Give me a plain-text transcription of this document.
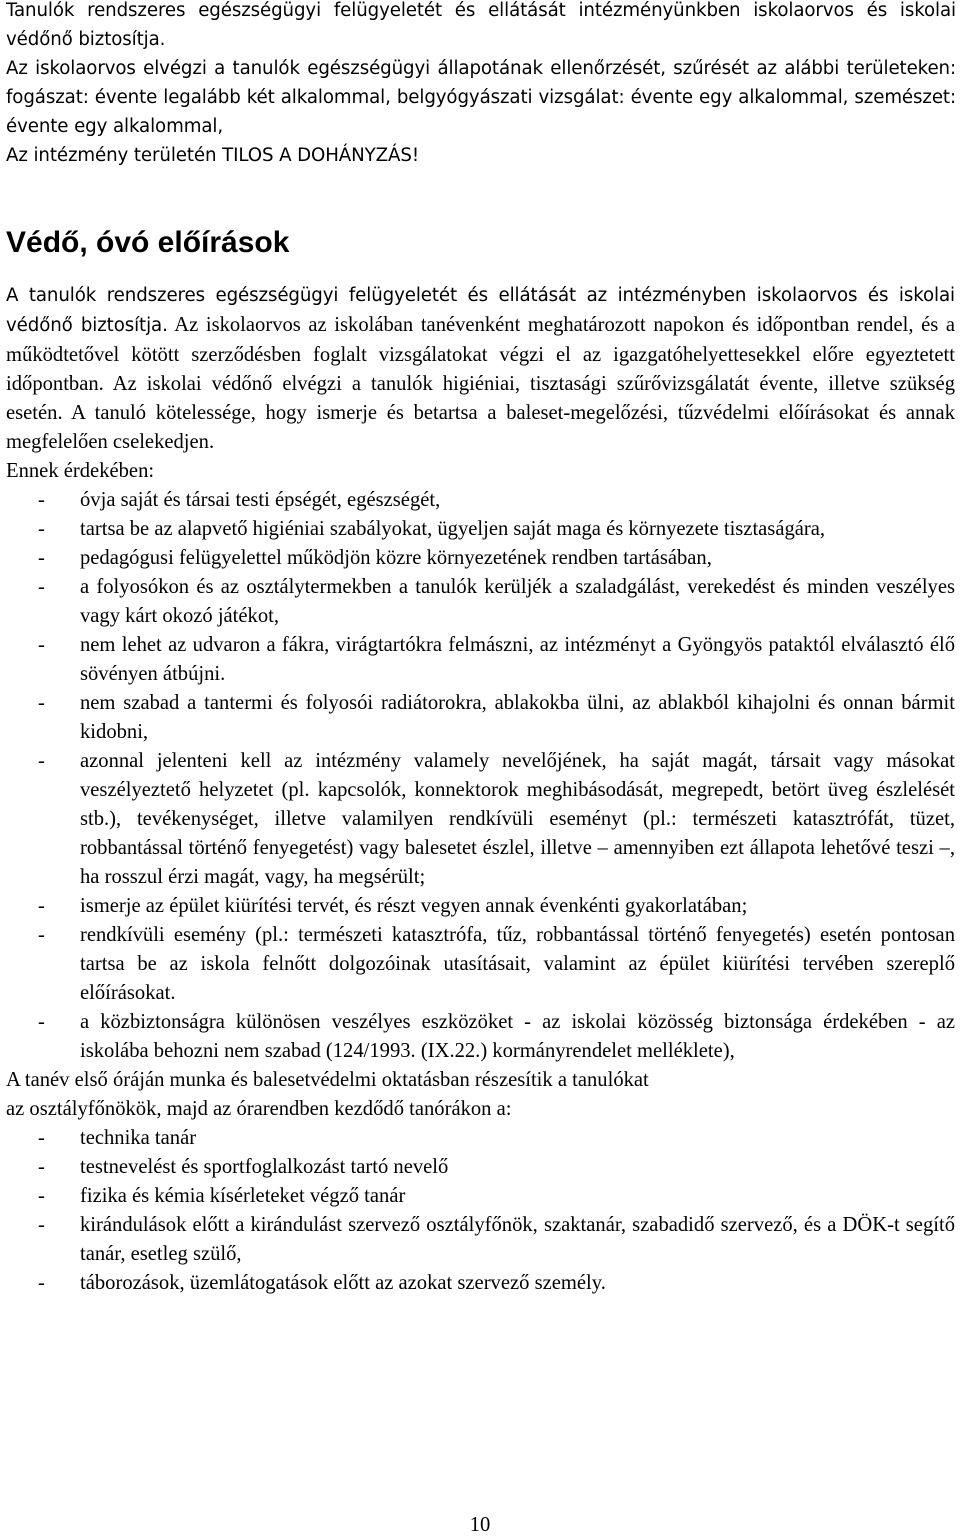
Tanulók rendszeres egészségügyi felügyeletét és ellátását intézményünkben iskolaorvos és iskolai védőnő biztosítja.

Az iskolaorvos elvégzi a tanulók egészségügyi állapotának ellenőrzését, szűrését az alábbi területeken: fogászat: évente legalább két alkalommal, belgyógyászati vizsgálat: évente egy alkalommal, szemészet: évente egy alkalommal,

Az intézmény területén TILOS A DOHÁNYZÁS!

Védő, óvó előírások

A tanulók rendszeres egészségügyi felügyeletét és ellátását az intézményben iskolaorvos és iskolai védőnő biztosítja. Az iskolaorvos az iskolában tanévenként meghatározott napokon és időpontban rendel, és a működtetővel kötött szerződésben foglalt vizsgálatokat végzi el az igazgatóhelyettesekkel előre egyeztetett időpontban. Az iskolai védőnő elvégzi a tanulók higiéniai, tisztasági szűrővizsgálatát évente, illetve szükség esetén. A tanuló kötelessége, hogy ismerje és betartsa a baleset-megelőzési, tűzvédelmi előírásokat és annak megfelelően cselekedjen.

Ennek érdekében:

-	óvja saját és társai testi épségét, egészségét,
-	tartsa be az alapvető higiéniai szabályokat, ügyeljen saját maga és környezete tisztaságára,
-	pedagógusi felügyelettel működjön közre környezetének rendben tartásában,
-	a folyosókon és az osztálytermekben a tanulók kerüljék a szaladgálást, verekedést és minden veszélyes vagy kárt okozó játékot,
-	nem lehet az udvaron a fákra, virágtartókra felmászni, az intézményt a Gyöngyös pataktól elválasztó élő sövényen átbújni.
-	nem szabad a tantermi és folyosói radiátorokra, ablakokba ülni, az ablakból kihajolni és onnan bármit kidobni,
-	azonnal jelenteni kell az intézmény valamely nevelőjének, ha saját magát, társait vagy másokat veszélyeztető helyzetet (pl. kapcsolók, konnektorok meghibásodását, megrepedt, betört üveg észlelését stb.), tevékenységet, illetve valamilyen rendkívüli eseményt (pl.: természeti katasztrófát, tüzet, robbantással történő fenyegetést) vagy balesetet észlel, illetve – amennyiben ezt állapota lehetővé teszi –, ha rosszul érzi magát, vagy, ha megsérült;
-	ismerje az épület kiürítési tervét, és részt vegyen annak évenkénti gyakorlatában;
-	rendkívüli esemény (pl.: természeti katasztrófa, tűz, robbantással történő fenyegetés) esetén pontosan tartsa be az iskola felnőtt dolgozóinak utasításait, valamint az épület kiürítési tervében szereplő előírásokat.
-	a közbiztonságra különösen veszélyes eszközöket - az iskolai közösség biztonsága érdekében - az iskolába behozni nem szabad (124/1993. (IX.22.) kormányrendelet melléklete),

A tanév első óráján munka és balesetvédelmi oktatásban részesítik a tanulókat

az osztályfőnökök, majd az órarendben kezdődő tanórákon a:

-	technika tanár
-	testnevelést és sportfoglalkozást tartó nevelő
-	fizika és kémia kísérleteket végző tanár
-	kirándulások előtt a kirándulást szervező osztályfőnök, szaktanár, szabadidő szervező, és a DÖK-t segítő tanár, esetleg szülő,
-	táborozások, üzemlátogatások előtt az azokat szervező személy.
10
